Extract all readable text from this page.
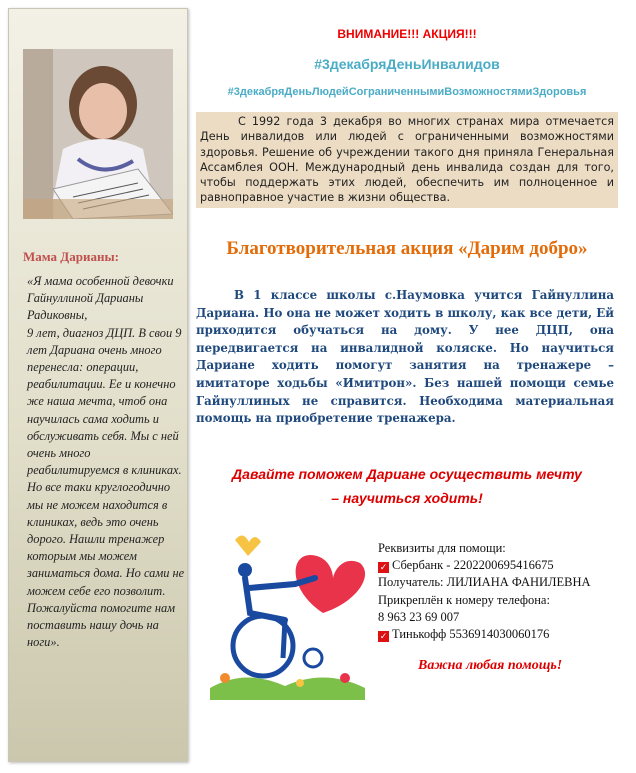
Мама Дарианы:
«Я мама особенной девочки Гайнуллиной Дарианы Радиковны,
9 лет, диагноз ДЦП. В свои 9 лет Дариана очень много перенесла: операции, реабилитации. Ее и конечно же наша мечта, чтоб она научилась сама ходить и обслуживать себя. Мы с ней очень много реабилитируемся в клиниках. Но все таки круглогодично мы не можем находится в клиниках, ведь это очень дорого. Нашли тренажер которым мы можем заниматься дома. Но сами не можем себе его позволит. Пожалуйста помогите нам поставить нашу дочь на ноги».

ВНИМАНИЕ!!! АКЦИЯ!!!

#3декабряДеньИнвалидов

#3декабряДеньЛюдейСограниченнымиВозможностямиЗдоровья

С 1992 года 3 декабря во многих странах мира отмечается День инвалидов или людей с ограниченными возможностями здоровья. Решение об учреждении такого дня приняла Генеральная Ассамблея ООН. Международный день инвалида создан для того, чтобы поддержать этих людей, обеспечить им полноценное и равноправное участие в жизни общества.
Благотворительная акция «Дарим добро»
В 1 классе школы с.Наумовка учится Гайнуллина Дариана. Но она не может ходить в школу, как все дети, Ей приходится обучаться на дому. У нее ДЦП, она передвигается на инвалидной коляске. Но научиться Дариане ходить помогут занятия на тренажере – имитаторе ходьбы «Имитрон». Без нашей помощи семье Гайнуллиных не справится. Необходима материальная помощь на приобретение тренажера.
Давайте поможем Дариане осуществить мечту
– научиться ходить!
Реквизиты для помощи:
✓ Сбербанк - 2202200695416675
Получатель: ЛИЛИАНА ФАНИЛЕВНА
Прикреплён к номеру телефона:
8 963 23 69 007
✓ Тинькофф 5536914030060176
Важна любая помощь!
